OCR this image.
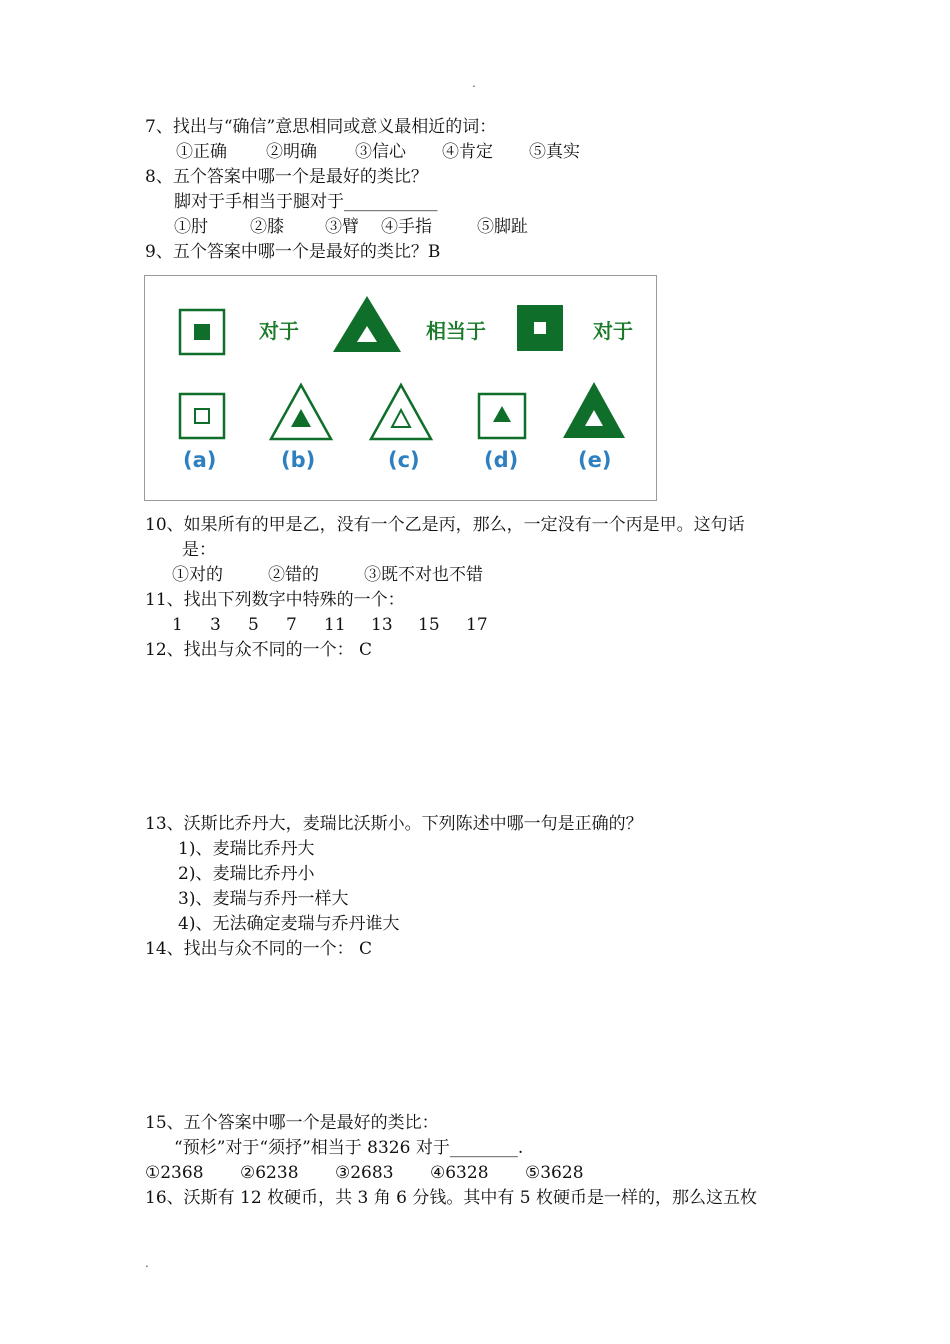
.
7、找出与“确信”意思相同或意义最相近的词：
①正确 ②明确 ③信心 ④肯定 ⑤真实
8、五个答案中哪一个是最好的类比？
脚对于手相当于腿对于___________
①肘 ②膝 ③臂 ④手指	⑤脚趾
9、五个答案中哪一个是最好的类比？B
对于	相当于	对于
(a)	(b)	(c)	(d)	(e)
10、如果所有的甲是乙，没有一个乙是丙，那么，一定没有一个丙是甲。这句话
是：
①对的	②错的	③既不对也不错
11、找出下列数字中特殊的一个：
1 3 5 7 11 13 15 17
12、找出与众不同的一个： C
13、沃斯比乔丹大，麦瑞比沃斯小。下列陈述中哪一句是正确的？
1)、麦瑞比乔丹大
2)、麦瑞比乔丹小
3)、麦瑞与乔丹一样大
4)、无法确定麦瑞与乔丹谁大
14、找出与众不同的一个： C
15、五个答案中哪一个是最好的类比：
“预杉”对于“须抒”相当于 8326 对于________.
①2368 ②6238 ③2683 ④6328 ⑤3628
16、沃斯有 12 枚硬币，共 3 角 6 分钱。其中有 5 枚硬币是一样的，那么这五枚
.
